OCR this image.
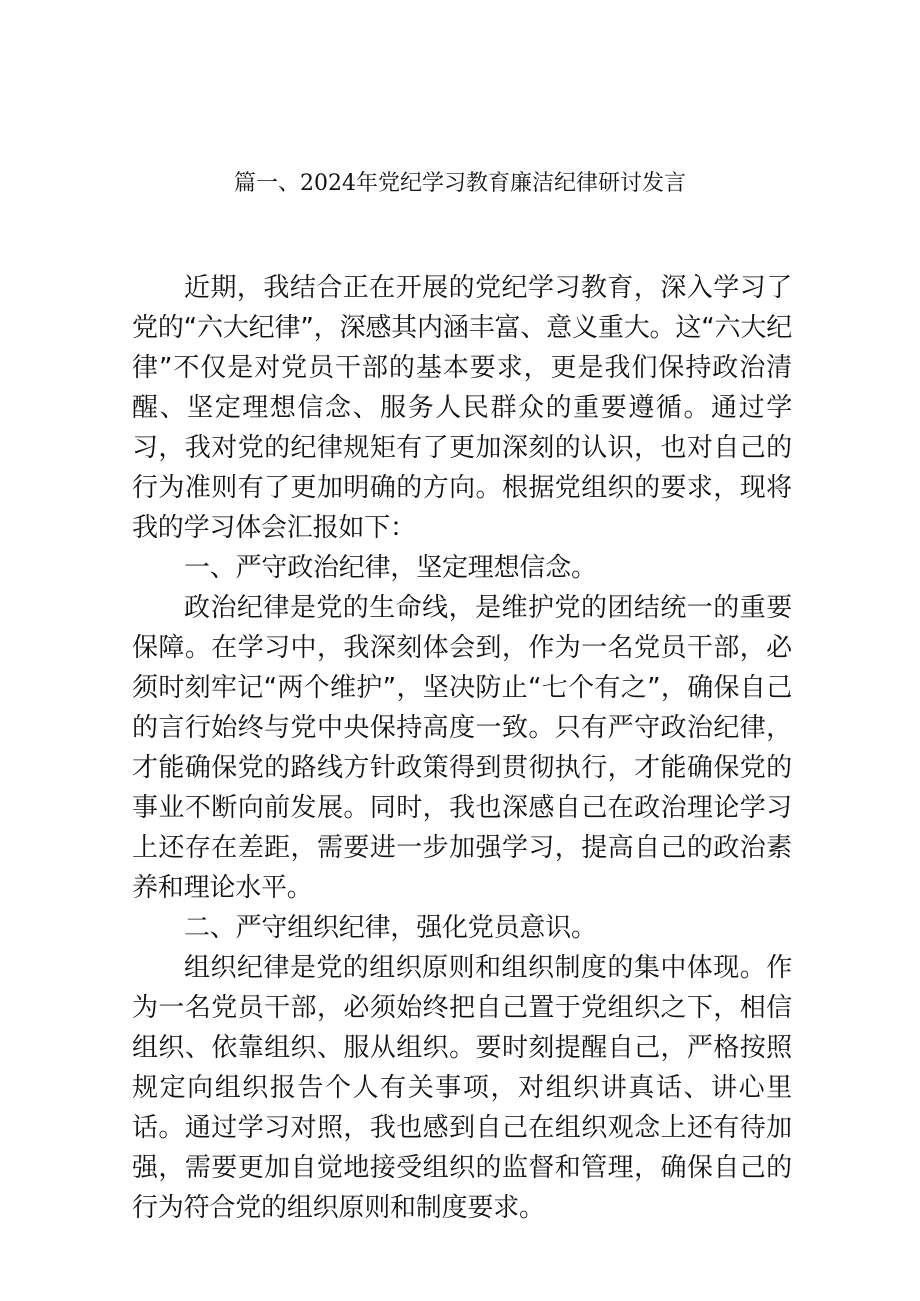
篇一、2024年党纪学习教育廉洁纪律研讨发言

近期，我结合正在开展的党纪学习教育，深入学习了党的“六大纪律”，深感其内涵丰富、意义重大。这“六大纪律”不仅是对党员干部的基本要求，更是我们保持政治清醒、坚定理想信念、服务人民群众的重要遵循。通过学习，我对党的纪律规矩有了更加深刻的认识，也对自己的行为准则有了更加明确的方向。根据党组织的要求，现将我的学习体会汇报如下：

一、严守政治纪律，坚定理想信念。

政治纪律是党的生命线，是维护党的团结统一的重要保障。在学习中，我深刻体会到，作为一名党员干部，必须时刻牢记“两个维护”，坚决防止“七个有之”，确保自己的言行始终与党中央保持高度一致。只有严守政治纪律，才能确保党的路线方针政策得到贯彻执行，才能确保党的事业不断向前发展。同时，我也深感自己在政治理论学习上还存在差距，需要进一步加强学习，提高自己的政治素养和理论水平。

二、严守组织纪律，强化党员意识。

组织纪律是党的组织原则和组织制度的集中体现。作为一名党员干部，必须始终把自己置于党组织之下，相信组织、依靠组织、服从组织。要时刻提醒自己，严格按照规定向组织报告个人有关事项，对组织讲真话、讲心里话。通过学习对照，我也感到自己在组织观念上还有待加强，需要更加自觉地接受组织的监督和管理，确保自己的行为符合党的组织原则和制度要求。
